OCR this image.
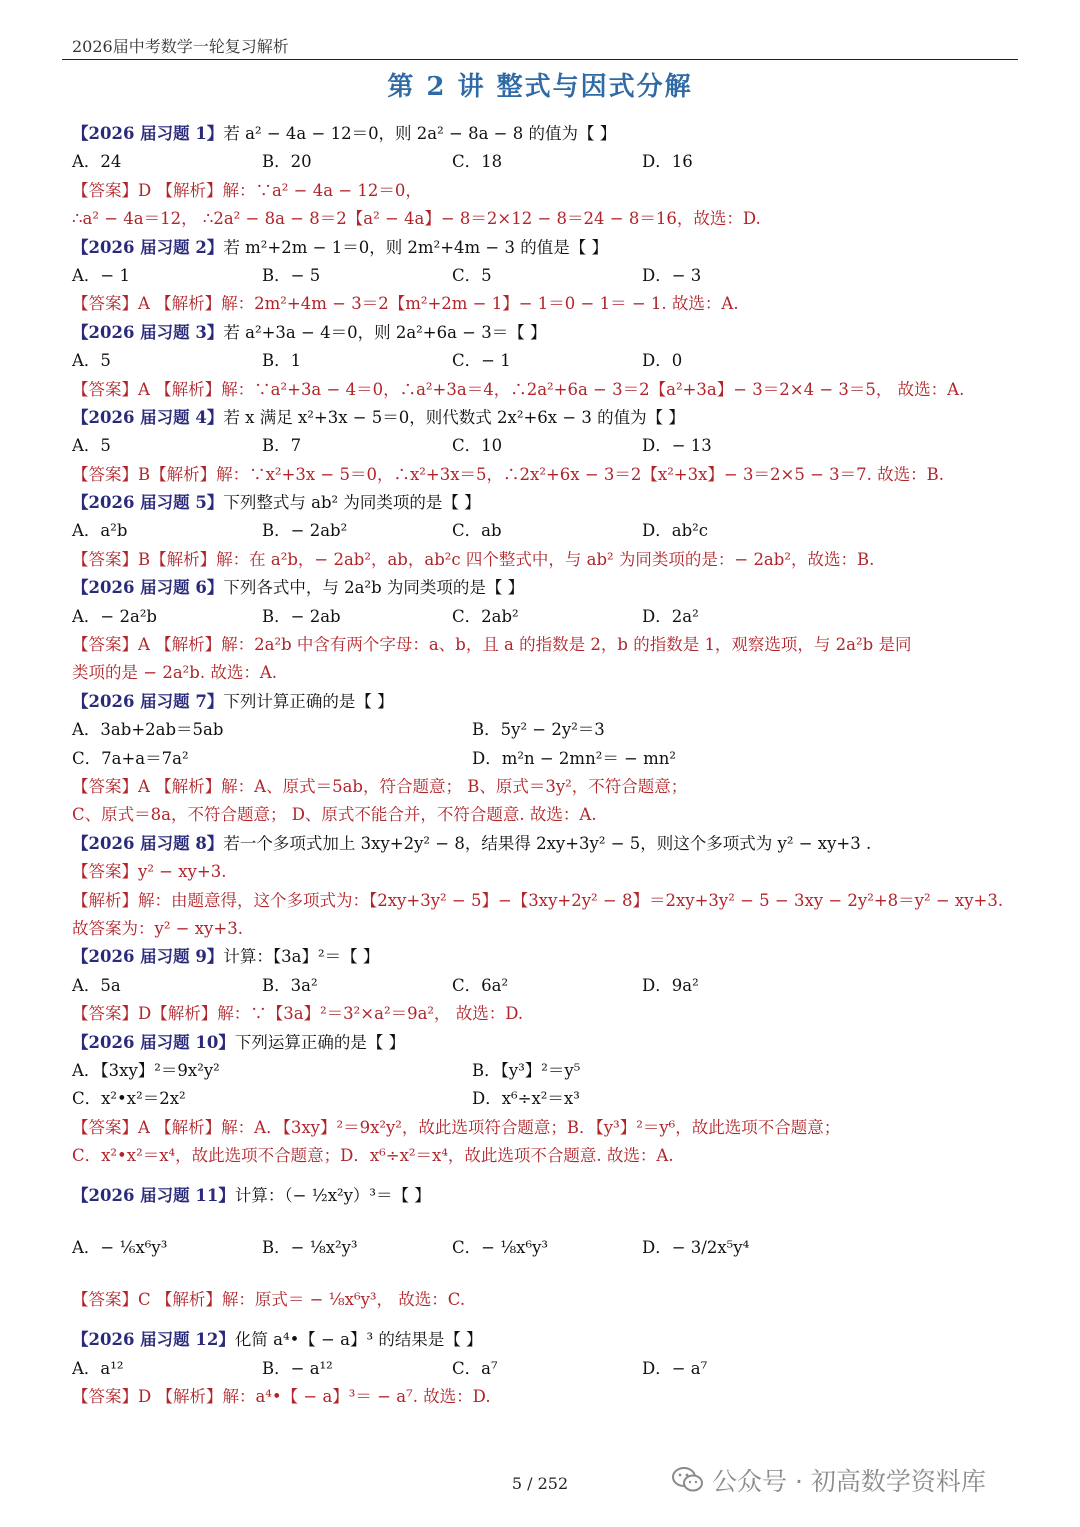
2026届中考数学一轮复习解析
第 2 讲 整式与因式分解
【2026 届习题 1】若 a² − 4a − 12＝0，则 2a² − 8a − 8 的值为【 】
A．24	B．20	C．18	D．16
【答案】D 【解析】解：∵a² − 4a − 12＝0，
∴a² − 4a＝12， ∴2a² − 8a − 8＝2【a² − 4a】− 8＝2×12 − 8＝24 − 8＝16，故选：D.
【2026 届习题 2】若 m²+2m − 1＝0，则 2m²+4m − 3 的值是【 】
A．− 1	B．− 5	C．5	D．− 3
【答案】A 【解析】解：2m²+4m − 3＝2【m²+2m − 1】− 1＝0 − 1＝ − 1. 故选：A.
【2026 届习题 3】若 a²+3a − 4＝0，则 2a²+6a − 3＝【 】
A．5	B．1	C．− 1	D．0
【答案】A 【解析】解：∵a²+3a − 4＝0，∴a²+3a＝4，∴2a²+6a − 3＝2【a²+3a】− 3＝2×4 − 3＝5， 故选：A.
【2026 届习题 4】若 x 满足 x²+3x − 5＝0，则代数式 2x²+6x − 3 的值为【 】
A．5	B．7	C．10	D．− 13
【答案】B【解析】解：∵x²+3x − 5＝0，∴x²+3x＝5，∴2x²+6x − 3＝2【x²+3x】− 3＝2×5 − 3＝7. 故选：B.
【2026 届习题 5】下列整式与 ab² 为同类项的是【 】
A．a²b	B．− 2ab²	C．ab	D．ab²c
【答案】B【解析】解：在 a²b，− 2ab²，ab，ab²c 四个整式中，与 ab² 为同类项的是：− 2ab²，故选：B.
【2026 届习题 6】下列各式中，与 2a²b 为同类项的是【 】
A．− 2a²b	B．− 2ab	C．2ab²	D．2a²
【答案】A 【解析】解：2a²b 中含有两个字母：a、b，且 a 的指数是 2，b 的指数是 1，观察选项，与 2a²b 是同
类项的是 − 2a²b. 故选：A.
【2026 届习题 7】下列计算正确的是【 】
A．3ab+2ab＝5ab	B．5y² − 2y²＝3
C．7a+a＝7a²	D．m²n − 2mn²＝ − mn²
【答案】A 【解析】解：A、原式＝5ab，符合题意； B、原式＝3y²，不符合题意；
C、原式＝8a，不符合题意； D、原式不能合并，不符合题意. 故选：A.
【2026 届习题 8】若一个多项式加上 3xy+2y² − 8，结果得 2xy+3y² − 5，则这个多项式为 y² − xy+3 .
【答案】y² − xy+3.
【解析】解：由题意得，这个多项式为：【2xy+3y² − 5】−【3xy+2y² − 8】＝2xy+3y² − 5 − 3xy − 2y²+8＝y² − xy+3.
故答案为：y² − xy+3.
【2026 届习题 9】计算：【3a】²＝【 】
A．5a	B．3a²	C．6a²	D．9a²
【答案】D【解析】解：∵【3a】²＝3²×a²＝9a²， 故选：D.
【2026 届习题 10】下列运算正确的是【 】
A．【3xy】²＝9x²y²	B．【y³】²＝y⁵
C．x²•x²＝2x²	D．x⁶÷x²＝x³
【答案】A 【解析】解：A．【3xy】²＝9x²y²，故此选项符合题意；B．【y³】²＝y⁶，故此选项不合题意；
C．x²•x²＝x⁴，故此选项不合题意；D．x⁶÷x²＝x⁴，故此选项不合题意. 故选：A.
【2026 届习题 11】计算：（− ½x²y）³＝【 】
A．− ⅙x⁶y³	B．− ⅛x²y³	C．− ⅛x⁶y³	D．− 3/2x⁵y⁴
【答案】C 【解析】解：原式＝ − ⅛x⁶y³， 故选：C.
【2026 届习题 12】化简 a⁴•【 − a】³ 的结果是【 】
A．a¹²	B．− a¹²	C．a⁷	D．− a⁷
【答案】D 【解析】解：a⁴•【 − a】³＝ − a⁷. 故选：D.
5 / 252	公众号 · 初高数学资料库
